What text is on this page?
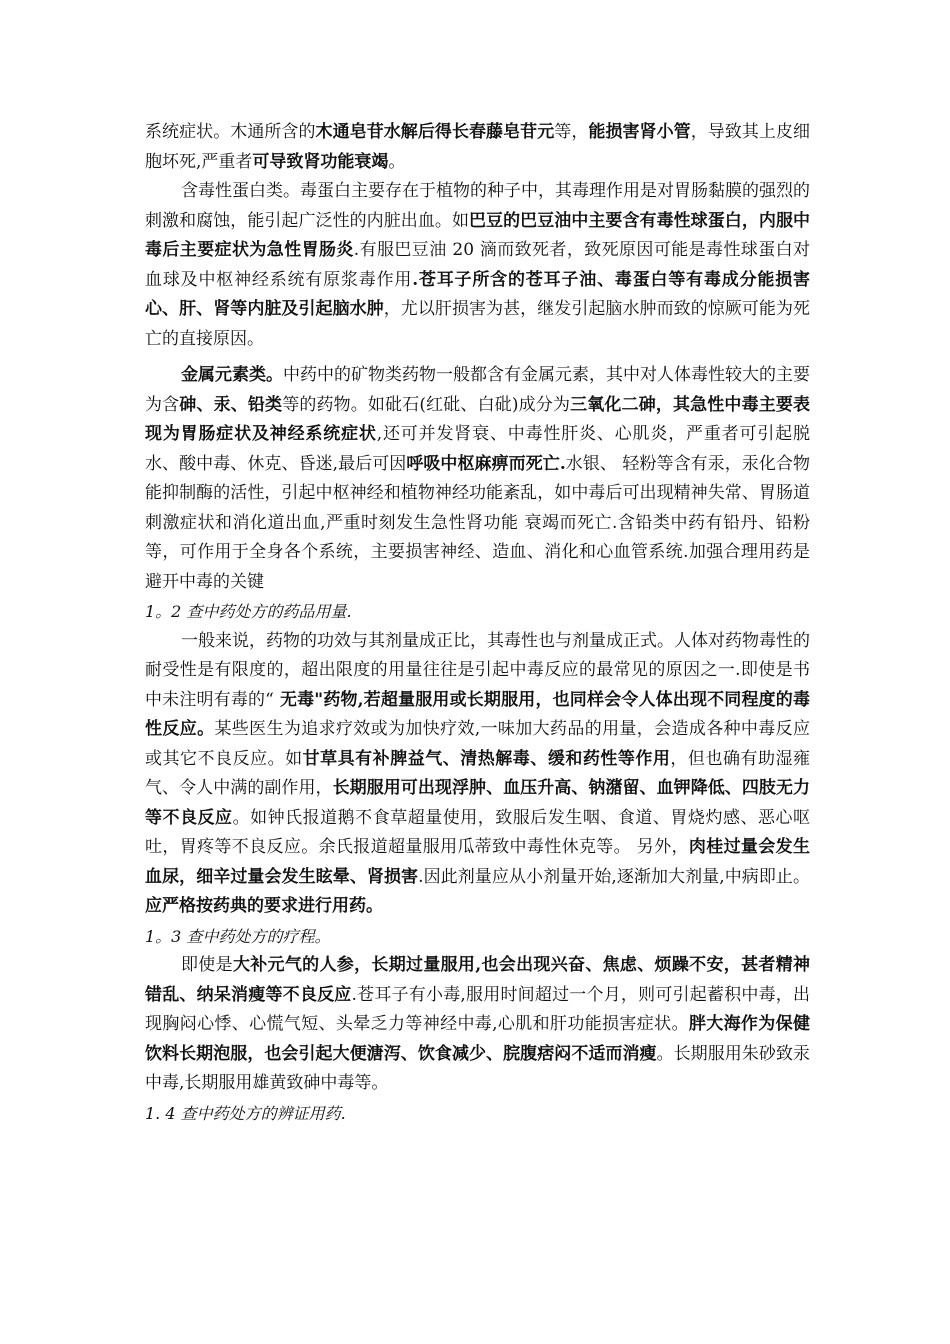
系统症状。木通所含的木通皂苷水解后得长春藤皂苷元等，能损害肾小管，导致其上皮细胞坏死,严重者可导致肾功能衰竭。

含毒性蛋白类。毒蛋白主要存在于植物的种子中，其毒理作用是对胃肠黏膜的强烈的刺激和腐蚀，能引起广泛性的内脏出血。如巴豆的巴豆油中主要含有毒性球蛋白，内服中毒后主要症状为急性胃肠炎.有服巴豆油 20 滴而致死者，致死原因可能是毒性球蛋白对血球及中枢神经系统有原浆毒作用.苍耳子所含的苍耳子油、毒蛋白等有毒成分能损害心、肝、肾等内脏及引起脑水肿，尤以肝损害为甚，继发引起脑水肿而致的惊厥可能为死亡的直接原因。

金属元素类。中药中的矿物类药物一般都含有金属元素，其中对人体毒性较大的主要为含砷、汞、铅类等的药物。如砒石(红砒、白砒)成分为三氧化二砷，其急性中毒主要表现为胃肠症状及神经系统症状,还可并发肾衰、中毒性肝炎、心肌炎，严重者可引起脱水、酸中毒、休克、昏迷,最后可因呼吸中枢麻痹而死亡.水银、 轻粉等含有汞，汞化合物能抑制酶的活性，引起中枢神经和植物神经功能紊乱，如中毒后可出现精神失常、胃肠道刺激症状和消化道出血,严重时刻发生急性肾功能 衰竭而死亡.含铅类中药有铅丹、铅粉等，可作用于全身各个系统，主要损害神经、造血、消化和心血管系统.加强合理用药是避开中毒的关键

1。2 查中药处方的药品用量.

一般来说，药物的功效与其剂量成正比，其毒性也与剂量成正式。人体对药物毒性的耐受性是有限度的，超出限度的用量往往是引起中毒反应的最常见的原因之一.即使是书中未注明有毒的“ 无毒"药物,若超量服用或长期服用，也同样会令人体出现不同程度的毒性反应。某些医生为追求疗效或为加快疗效,一味加大药品的用量，会造成各种中毒反应或其它不良反应。如甘草具有补脾益气、清热解毒、缓和药性等作用，但也确有助湿雍气、令人中满的副作用，长期服用可出现浮肿、血压升高、钠潴留、血钾降低、四肢无力等不良反应。如钟氏报道鹅不食草超量使用，致服后发生咽、食道、胃烧灼感、恶心呕吐，胃疼等不良反应。余氏报道超量服用瓜蒂致中毒性休克等。 另外，肉桂过量会发生血尿，细辛过量会发生眩晕、肾损害.因此剂量应从小剂量开始,逐渐加大剂量,中病即止。应严格按药典的要求进行用药。

1。3 查中药处方的疗程。

即使是大补元气的人参，长期过量服用,也会出现兴奋、焦虑、烦躁不安，甚者精神错乱、纳呆消瘦等不良反应.苍耳子有小毒,服用时间超过一个月，则可引起蓄积中毒，出现胸闷心悸、心慌气短、头晕乏力等神经中毒,心肌和肝功能损害症状。胖大海作为保健饮料长期泡服，也会引起大便溏泻、饮食减少、脘腹痞闷不适而消瘦。长期服用朱砂致汞中毒,长期服用雄黄致砷中毒等。

1. 4 查中药处方的辨证用药.
